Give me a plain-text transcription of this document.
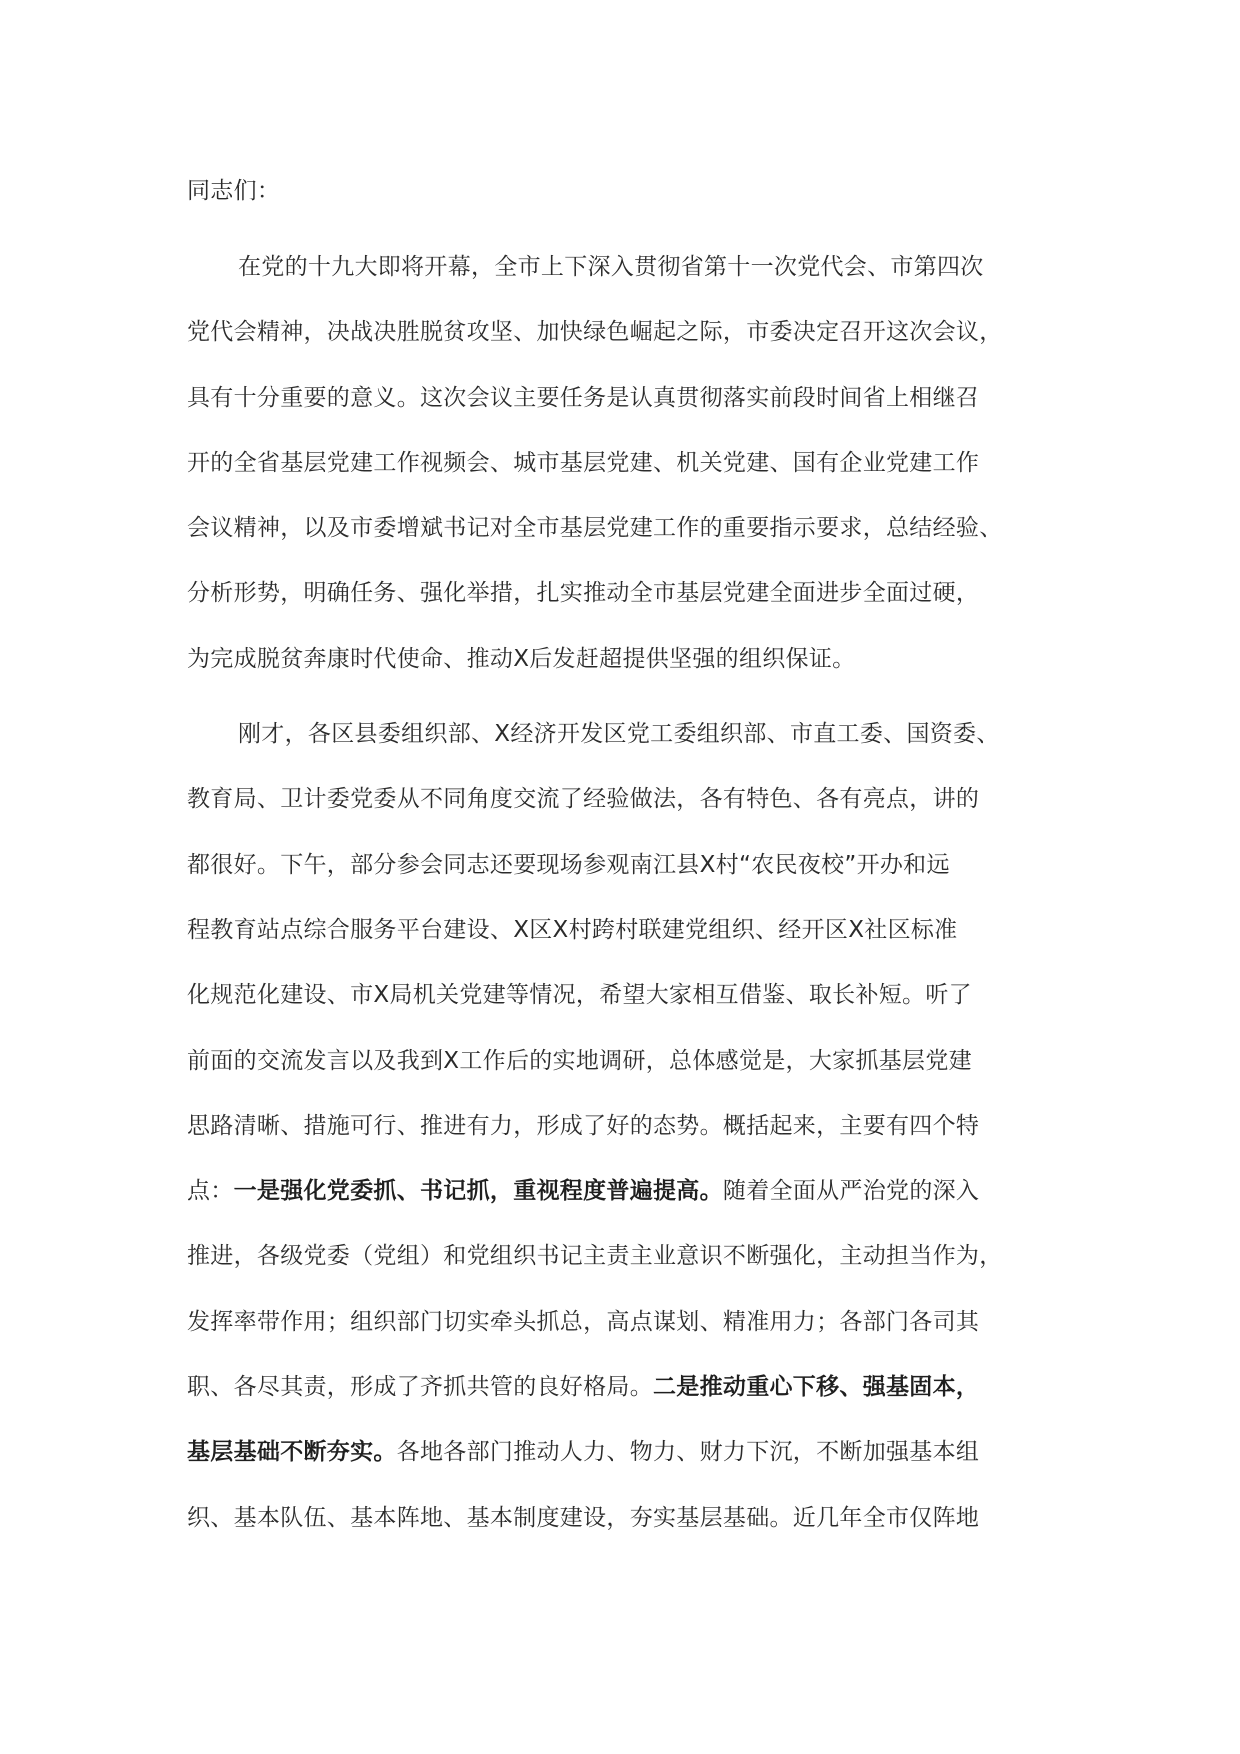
同志们：
在党的十九大即将开幕，全市上下深入贯彻省第十一次党代会、市第四次
党代会精神，决战决胜脱贫攻坚、加快绿色崛起之际，市委决定召开这次会议，
具有十分重要的意义。这次会议主要任务是认真贯彻落实前段时间省上相继召
开的全省基层党建工作视频会、城市基层党建、机关党建、国有企业党建工作
会议精神，以及市委增斌书记对全市基层党建工作的重要指示要求，总结经验、
分析形势，明确任务、强化举措，扎实推动全市基层党建全面进步全面过硬，
为完成脱贫奔康时代使命、推动X后发赶超提供坚强的组织保证。
刚才，各区县委组织部、X经济开发区党工委组织部、市直工委、国资委、
教育局、卫计委党委从不同角度交流了经验做法，各有特色、各有亮点，讲的
都很好。下午，部分参会同志还要现场参观南江县X村“农民夜校”开办和远
程教育站点综合服务平台建设、X区X村跨村联建党组织、经开区X社区标准
化规范化建设、市X局机关党建等情况，希望大家相互借鉴、取长补短。听了
前面的交流发言以及我到X工作后的实地调研，总体感觉是，大家抓基层党建
思路清晰、措施可行、推进有力，形成了好的态势。概括起来，主要有四个特
点：一是强化党委抓、书记抓，重视程度普遍提高。随着全面从严治党的深入
推进，各级党委（党组）和党组织书记主责主业意识不断强化，主动担当作为，
发挥率带作用；组织部门切实牵头抓总，高点谋划、精准用力；各部门各司其
职、各尽其责，形成了齐抓共管的良好格局。二是推动重心下移、强基固本，
基层基础不断夯实。各地各部门推动人力、物力、财力下沉，不断加强基本组
织、基本队伍、基本阵地、基本制度建设，夯实基层基础。近几年全市仅阵地
